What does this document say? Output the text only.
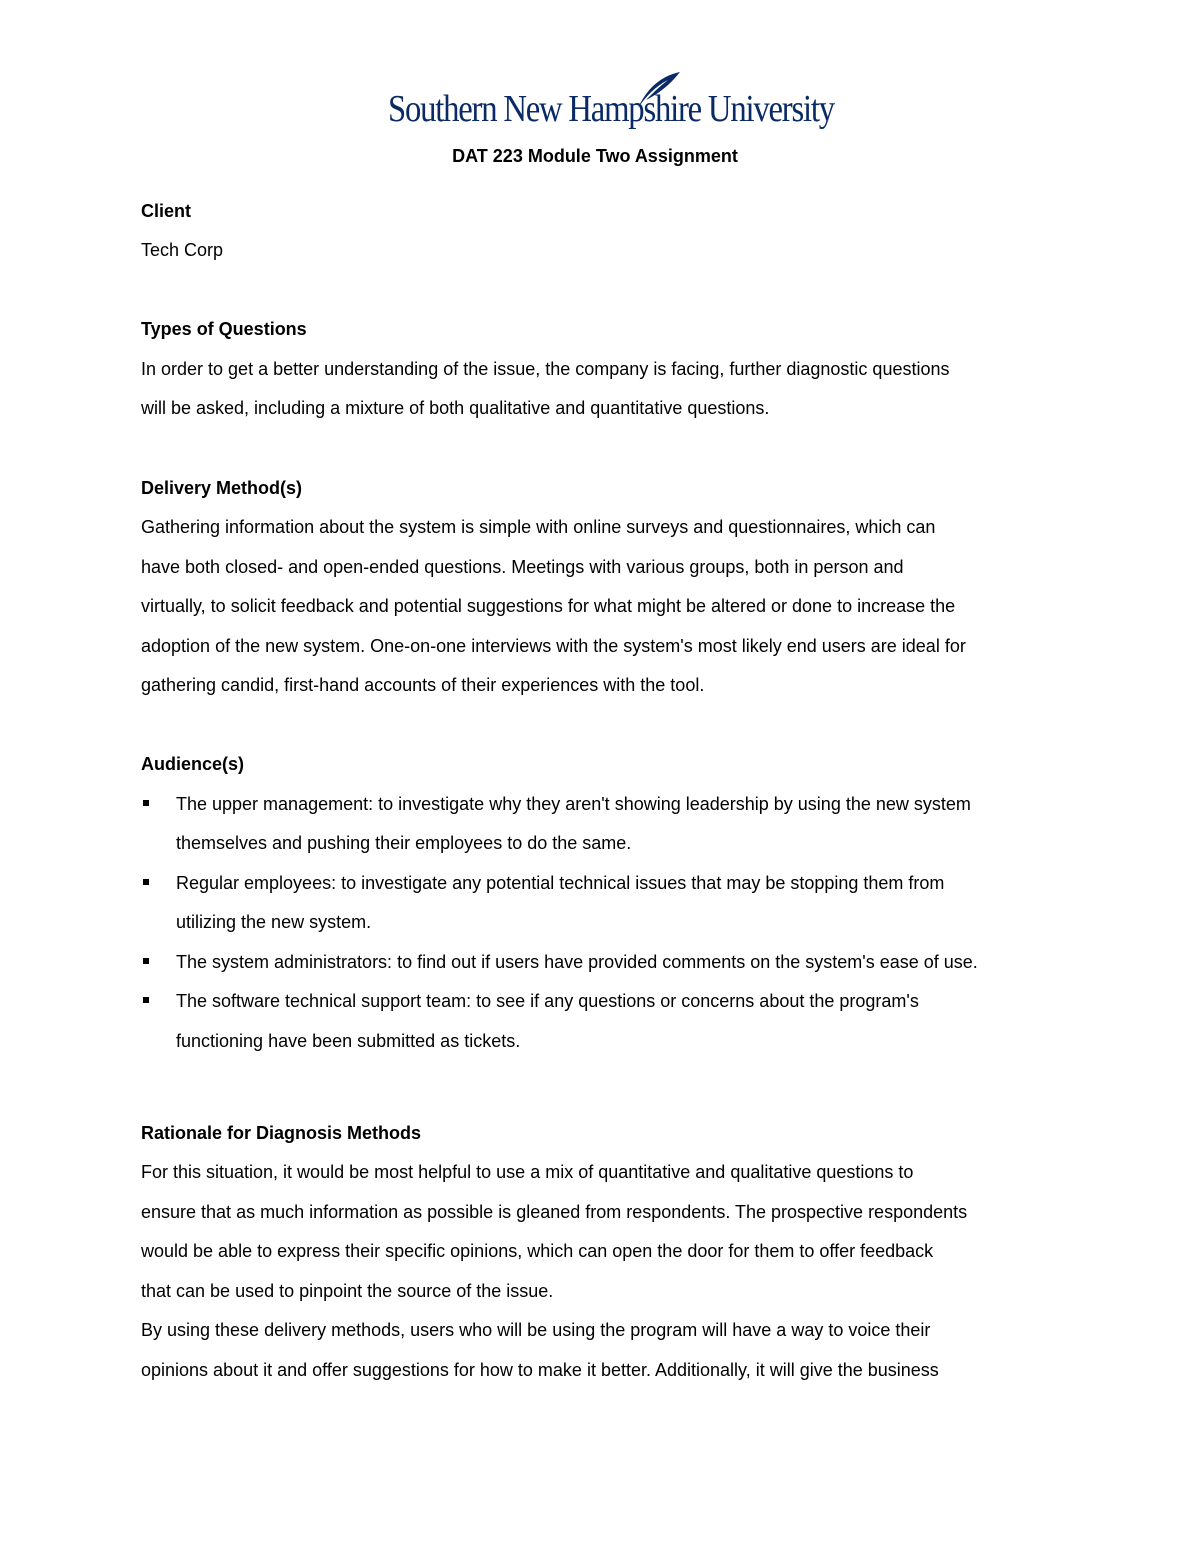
Southern New Hampshire University
DAT 223 Module Two Assignment
Client
Tech Corp
Types of Questions
In order to get a better understanding of the issue, the company is facing, further diagnostic questions
will be asked, including a mixture of both qualitative and quantitative questions.
Delivery Method(s)
Gathering information about the system is simple with online surveys and questionnaires, which can
have both closed- and open-ended questions. Meetings with various groups, both in person and
virtually, to solicit feedback and potential suggestions for what might be altered or done to increase the
adoption of the new system. One-on-one interviews with the system's most likely end users are ideal for
gathering candid, first-hand accounts of their experiences with the tool.
Audience(s)
The upper management: to investigate why they aren't showing leadership by using the new system
themselves and pushing their employees to do the same.
Regular employees: to investigate any potential technical issues that may be stopping them from
utilizing the new system.
The system administrators: to find out if users have provided comments on the system's ease of use.
The software technical support team: to see if any questions or concerns about the program's
functioning have been submitted as tickets.
Rationale for Diagnosis Methods
For this situation, it would be most helpful to use a mix of quantitative and qualitative questions to
ensure that as much information as possible is gleaned from respondents. The prospective respondents
would be able to express their specific opinions, which can open the door for them to offer feedback
that can be used to pinpoint the source of the issue.
By using these delivery methods, users who will be using the program will have a way to voice their
opinions about it and offer suggestions for how to make it better. Additionally, it will give the business
